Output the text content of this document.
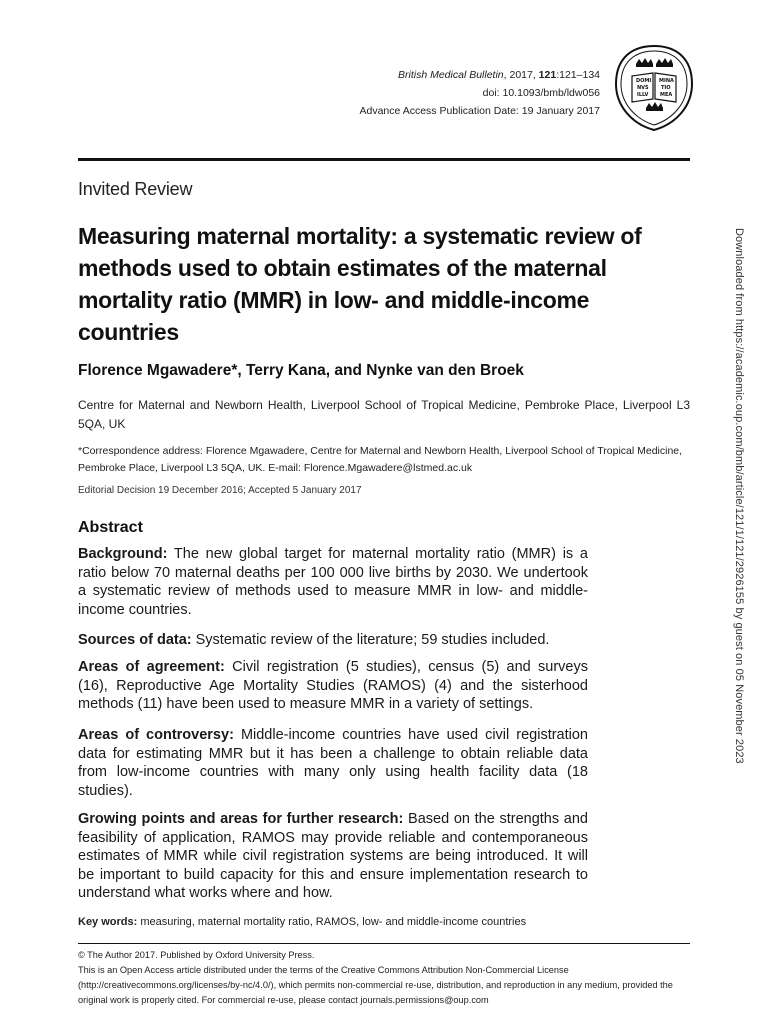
British Medical Bulletin, 2017, 121:121–134
doi: 10.1093/bmb/ldw056
Advance Access Publication Date: 19 January 2017
DOMI
NVS
ILLV
MINA
TIO
MEA
Invited Review
Measuring maternal mortality: a systematic review of methods used to obtain estimates of the maternal mortality ratio (MMR) in low- and middle-income countries
Florence Mgawadere*, Terry Kana, and Nynke van den Broek
Centre for Maternal and Newborn Health, Liverpool School of Tropical Medicine, Pembroke Place, Liverpool L3 5QA, UK
*Correspondence address: Florence Mgawadere, Centre for Maternal and Newborn Health, Liverpool School of Tropical Medicine, Pembroke Place, Liverpool L3 5QA, UK. E-mail: Florence.Mgawadere@lstmed.ac.uk
Editorial Decision 19 December 2016; Accepted 5 January 2017
Abstract

Background: The new global target for maternal mortality ratio (MMR) is a ratio below 70 maternal deaths per 100 000 live births by 2030. We undertook a systematic review of methods used to measure MMR in low- and middle-income countries.

Sources of data: Systematic review of the literature; 59 studies included.

Areas of agreement: Civil registration (5 studies), census (5) and surveys (16), Reproductive Age Mortality Studies (RAMOS) (4) and the sisterhood methods (11) have been used to measure MMR in a variety of settings.

Areas of controversy: Middle-income countries have used civil registration data for estimating MMR but it has been a challenge to obtain reliable data from low-income countries with many only using health facility data (18 studies).

Growing points and areas for further research: Based on the strengths and feasibility of application, RAMOS may provide reliable and contemporaneous estimates of MMR while civil registration systems are being introduced. It will be important to build capacity for this and ensure implementation research to understand what works where and how.

Key words: measuring, maternal mortality ratio, RAMOS, low- and middle-income countries
© The Author 2017. Published by Oxford University Press.
This is an Open Access article distributed under the terms of the Creative Commons Attribution Non-Commercial License (http://creativecommons.org/licenses/by-nc/4.0/), which permits non-commercial re-use, distribution, and reproduction in any medium, provided the original work is properly cited. For commercial re-use, please contact journals.permissions@oup.com
Downloaded from https://academic.oup.com/bmb/article/121/1/121/2926155 by guest on 05 November 2023
